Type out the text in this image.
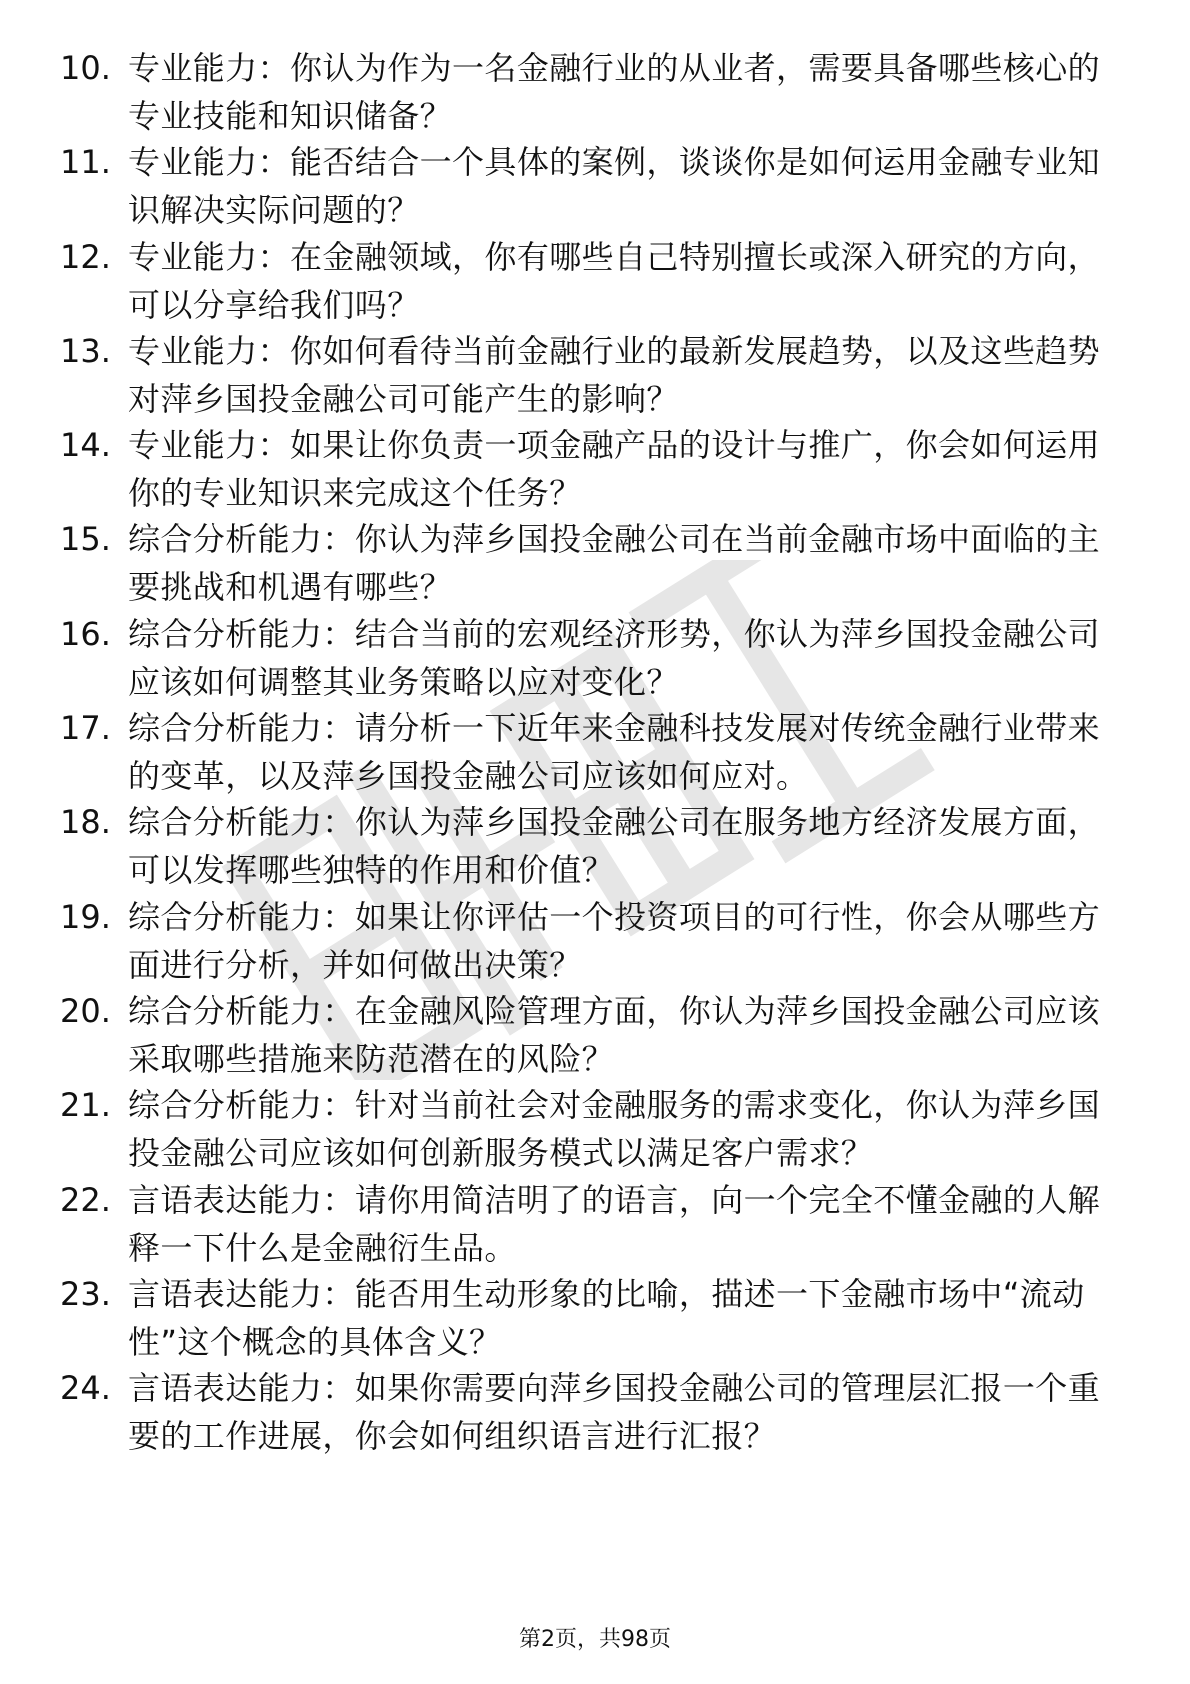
10. 专业能力：你认为作为一名金融行业的从业者，需要具备哪些核心的专业技能和知识储备？
11. 专业能力：能否结合一个具体的案例，谈谈你是如何运用金融专业知识解决实际问题的？
12. 专业能力：在金融领域，你有哪些自己特别擅长或深入研究的方向，可以分享给我们吗？
13. 专业能力：你如何看待当前金融行业的最新发展趋势，以及这些趋势对萍乡国投金融公司可能产生的影响？
14. 专业能力：如果让你负责一项金融产品的设计与推广，你会如何运用你的专业知识来完成这个任务？
15. 综合分析能力：你认为萍乡国投金融公司在当前金融市场中面临的主要挑战和机遇有哪些？
16. 综合分析能力：结合当前的宏观经济形势，你认为萍乡国投金融公司应该如何调整其业务策略以应对变化？
17. 综合分析能力：请分析一下近年来金融科技发展对传统金融行业带来的变革，以及萍乡国投金融公司应该如何应对。
18. 综合分析能力：你认为萍乡国投金融公司在服务地方经济发展方面，可以发挥哪些独特的作用和价值？
19. 综合分析能力：如果让你评估一个投资项目的可行性，你会从哪些方面进行分析，并如何做出决策？
20. 综合分析能力：在金融风险管理方面，你认为萍乡国投金融公司应该采取哪些措施来防范潜在的风险？
21. 综合分析能力：针对当前社会对金融服务的需求变化，你认为萍乡国投金融公司应该如何创新服务模式以满足客户需求？
22. 言语表达能力：请你用简洁明了的语言，向一个完全不懂金融的人解释一下什么是金融衍生品。
23. 言语表达能力：能否用生动形象的比喻，描述一下金融市场中“流动性”这个概念的具体含义？
24. 言语表达能力：如果你需要向萍乡国投金融公司的管理层汇报一个重要的工作进展，你会如何组织语言进行汇报？
第2页，共98页
